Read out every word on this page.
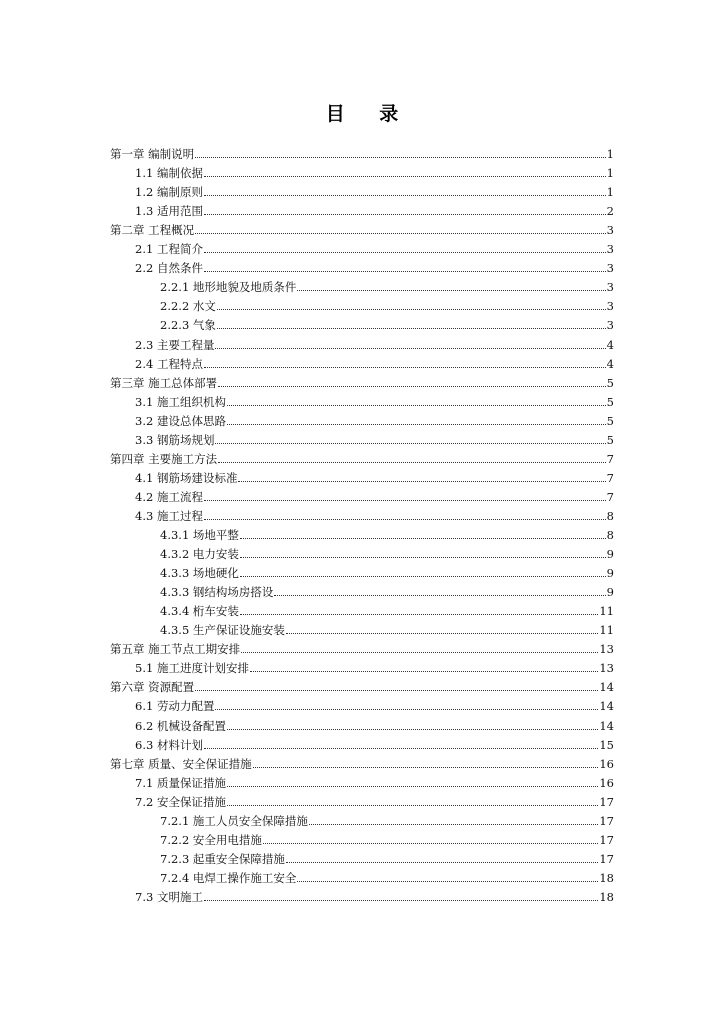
目 录
第一章 编制说明	1
1.1 编制依据	1
1.2 编制原则	1
1.3 适用范围	2
第二章 工程概况	3
2.1 工程简介	3
2.2 自然条件	3
2.2.1 地形地貌及地质条件	3
2.2.2 水文	3
2.2.3 气象	3
2.3 主要工程量	4
2.4 工程特点	4
第三章 施工总体部署	5
3.1 施工组织机构	5
3.2 建设总体思路	5
3.3 钢筋场规划	5
第四章 主要施工方法	7
4.1 钢筋场建设标准	7
4.2 施工流程	7
4.3 施工过程	8
4.3.1 场地平整	8
4.3.2 电力安装	9
4.3.3 场地硬化	9
4.3.3 钢结构场房搭设	9
4.3.4 桁车安装	11
4.3.5 生产保证设施安装	11
第五章 施工节点工期安排	13
5.1 施工进度计划安排	13
第六章 资源配置	14
6.1 劳动力配置	14
6.2 机械设备配置	14
6.3 材料计划	15
第七章 质量、安全保证措施	16
7.1 质量保证措施	16
7.2 安全保证措施	17
7.2.1 施工人员安全保障措施	17
7.2.2 安全用电措施	17
7.2.3 起重安全保障措施	17
7.2.4 电焊工操作施工安全	18
7.3 文明施工	18
